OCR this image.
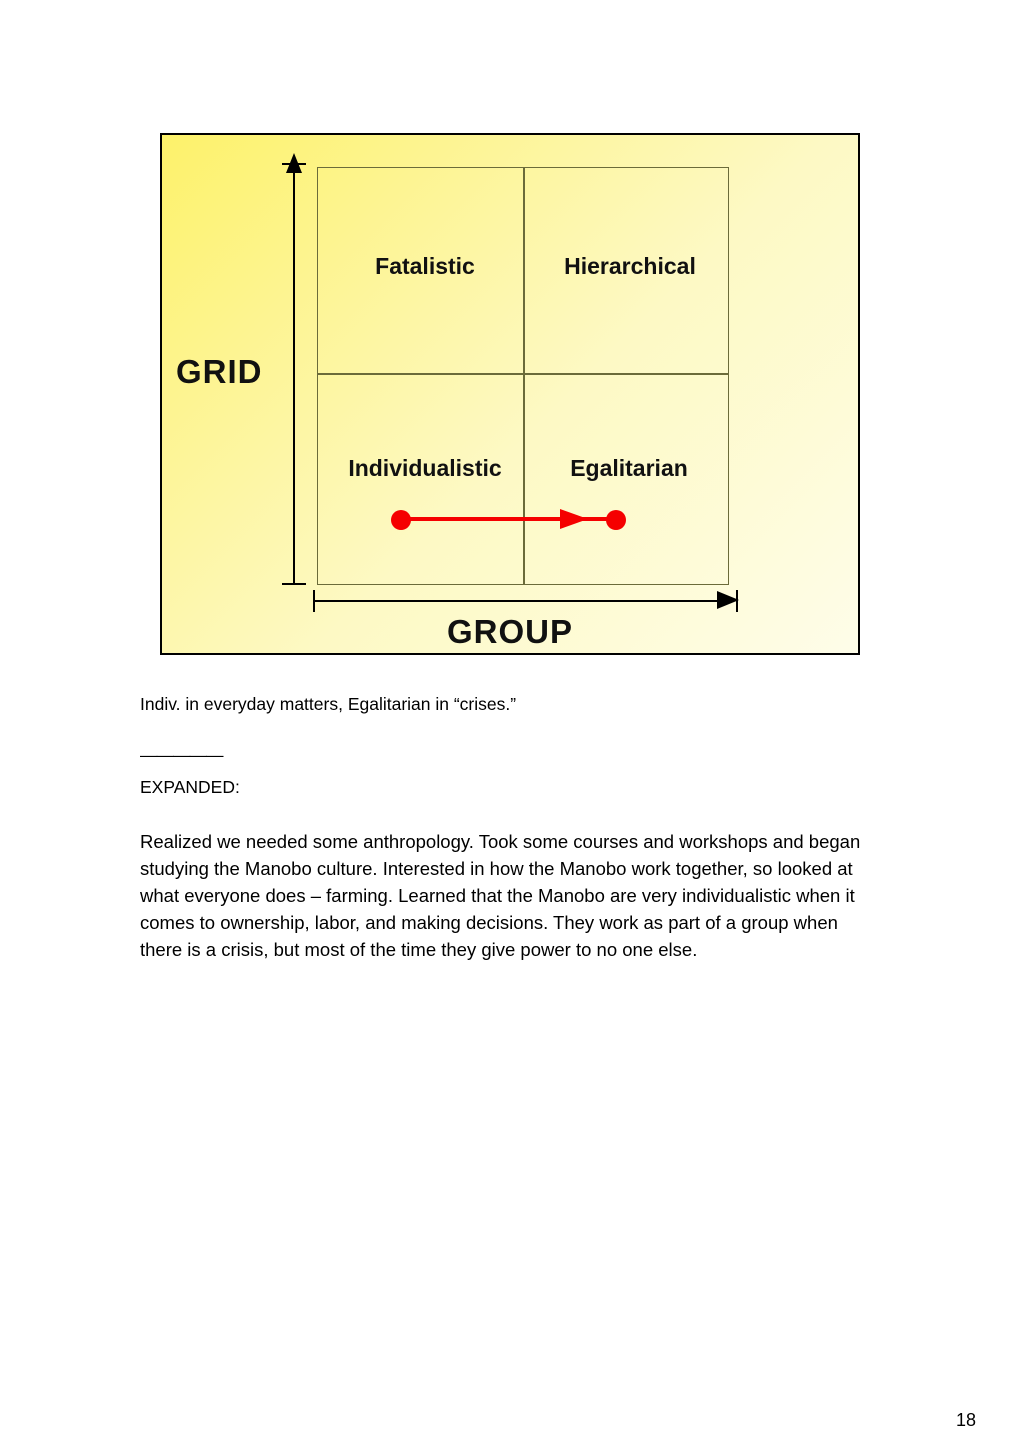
GRID
Fatalistic	Hierarchical
Individualistic	Egalitarian
GROUP
Indiv. in everyday matters, Egalitarian in “crises.”
—————
EXPANDED:
Realized we needed some anthropology. Took some courses and workshops and began studying the Manobo culture. Interested in how the Manobo work together, so looked at what everyone does – farming. Learned that the Manobo are very individualistic when it comes to ownership, labor, and making decisions. They work as part of a group when there is a crisis, but most of the time they give power to no one else.
18
